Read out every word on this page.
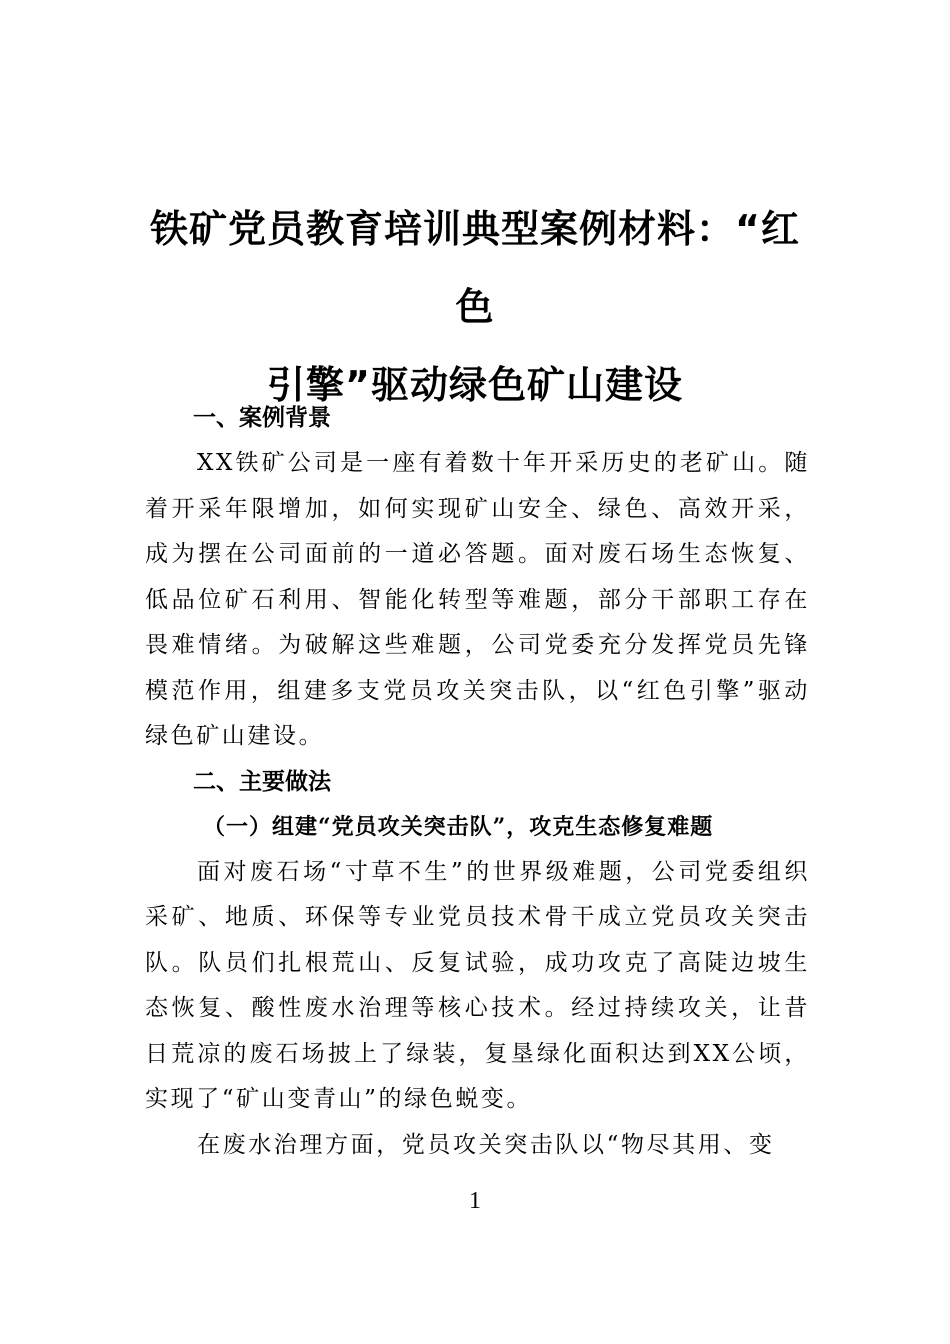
铁矿党员教育培训典型案例材料：“红色
引擎”驱动绿色矿山建设
一、案例背景

XX铁矿公司是一座有着数十年开采历史的老矿山。随着开采年限增加，如何实现矿山安全、绿色、高效开采，成为摆在公司面前的一道必答题。面对废石场生态恢复、低品位矿石利用、智能化转型等难题，部分干部职工存在畏难情绪。为破解这些难题，公司党委充分发挥党员先锋模范作用，组建多支党员攻关突击队，以“红色引擎”驱动绿色矿山建设。

二、主要做法
（一）组建“党员攻关突击队”，攻克生态修复难题

面对废石场“寸草不生”的世界级难题，公司党委组织采矿、地质、环保等专业党员技术骨干成立党员攻关突击队。队员们扎根荒山、反复试验，成功攻克了高陡边坡生态恢复、酸性废水治理等核心技术。经过持续攻关，让昔日荒凉的废石场披上了绿装，复垦绿化面积达到XX公顷，实现了“矿山变青山”的绿色蜕变。

在废水治理方面，党员攻关突击队以“物尽其用、变

1
